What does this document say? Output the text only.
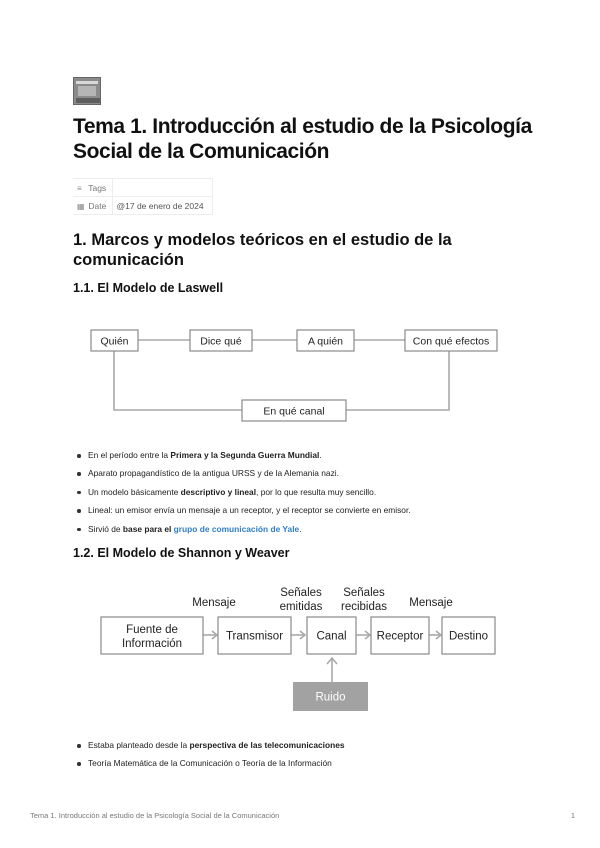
Tema 1. Introducción al estudio de la Psicología Social de la Comunicación
≡ Tags	
▦ Date	@17 de enero de 2024
1. Marcos y modelos teóricos en el estudio de la comunicación
1.1. El Modelo de Laswell
Quién	Dice qué	A quién	Con qué efectos
En qué canal
En el período entre la Primera y la Segunda Guerra Mundial.
Aparato propagandístico de la antigua URSS y de la Alemania nazi.
Un modelo básicamente descriptivo y lineal, por lo que resulta muy sencillo.
Lineal: un emisor envía un mensaje a un receptor, y el receptor se convierte en emisor.
Sirvió de base para el grupo de comunicación de Yale.
1.2. El Modelo de Shannon y Weaver
Mensaje
Señales
emitidas
Señales
recibidas Mensaje
Fuente de
Información
Transmisor	Canal	Receptor Destino
Ruido
Estaba planteado desde la perspectiva de las telecomunicaciones
Teoría Matemática de la Comunicación o Teoría de la Información
Tema 1. Introducción al estudio de la Psicología Social de la Comunicación	1
